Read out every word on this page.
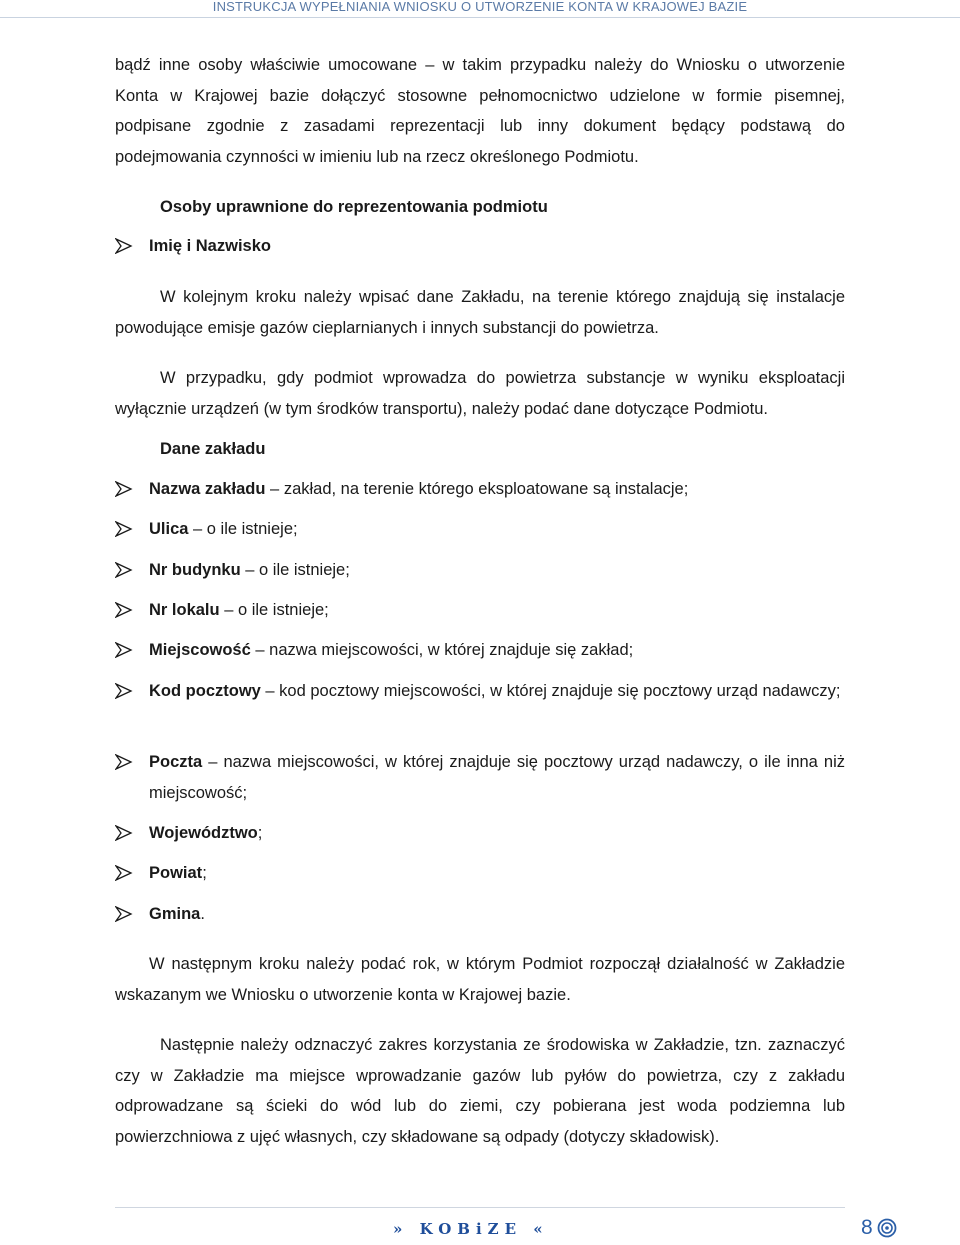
INSTRUKCJA WYPEŁNIANIA WNIOSKU O UTWORZENIE KONTA W KRAJOWEJ BAZIE

bądź inne osoby właściwie umocowane – w takim przypadku należy do Wniosku o utworzenie Konta w Krajowej bazie dołączyć stosowne pełnomocnictwo udzielone w formie pisemnej, podpisane zgodnie z zasadami reprezentacji lub inny dokument będący podstawą do podejmowania czynności w imieniu lub na rzecz określonego Podmiotu.

Osoby uprawnione do reprezentowania podmiotu
Imię i Nazwisko

W kolejnym kroku należy wpisać dane Zakładu, na terenie którego znajdują się instalacje powodujące emisje gazów cieplarnianych i innych substancji do powietrza.

W przypadku, gdy podmiot wprowadza do powietrza substancje w wyniku eksploatacji wyłącznie urządzeń (w tym środków transportu), należy podać dane dotyczące Podmiotu.

Dane zakładu
Nazwa zakładu – zakład, na terenie którego eksploatowane są instalacje;
Ulica – o ile istnieje;
Nr budynku – o ile istnieje;
Nr lokalu – o ile istnieje;
Miejscowość – nazwa miejscowości, w której znajduje się zakład;
Kod pocztowy – kod pocztowy miejscowości, w której znajduje się pocztowy urząd nadawczy;
Poczta – nazwa miejscowości, w której znajduje się pocztowy urząd nadawczy, o ile inna niż miejscowość;
Województwo;
Powiat;
Gmina.

W następnym kroku należy podać rok, w którym Podmiot rozpoczął działalność w Zakładzie wskazanym we Wniosku o utworzenie konta w Krajowej bazie.

Następnie należy odznaczyć zakres korzystania ze środowiska w Zakładzie, tzn. zaznaczyć czy w Zakładzie ma miejsce wprowadzanie gazów lub pyłów do powietrza, czy z zakładu odprowadzane są ścieki do wód lub do ziemi, czy pobierana jest woda podziemna lub powierzchniowa z ujęć własnych, czy składowane są odpady (dotyczy składowisk).

» KOBiZE «	8
